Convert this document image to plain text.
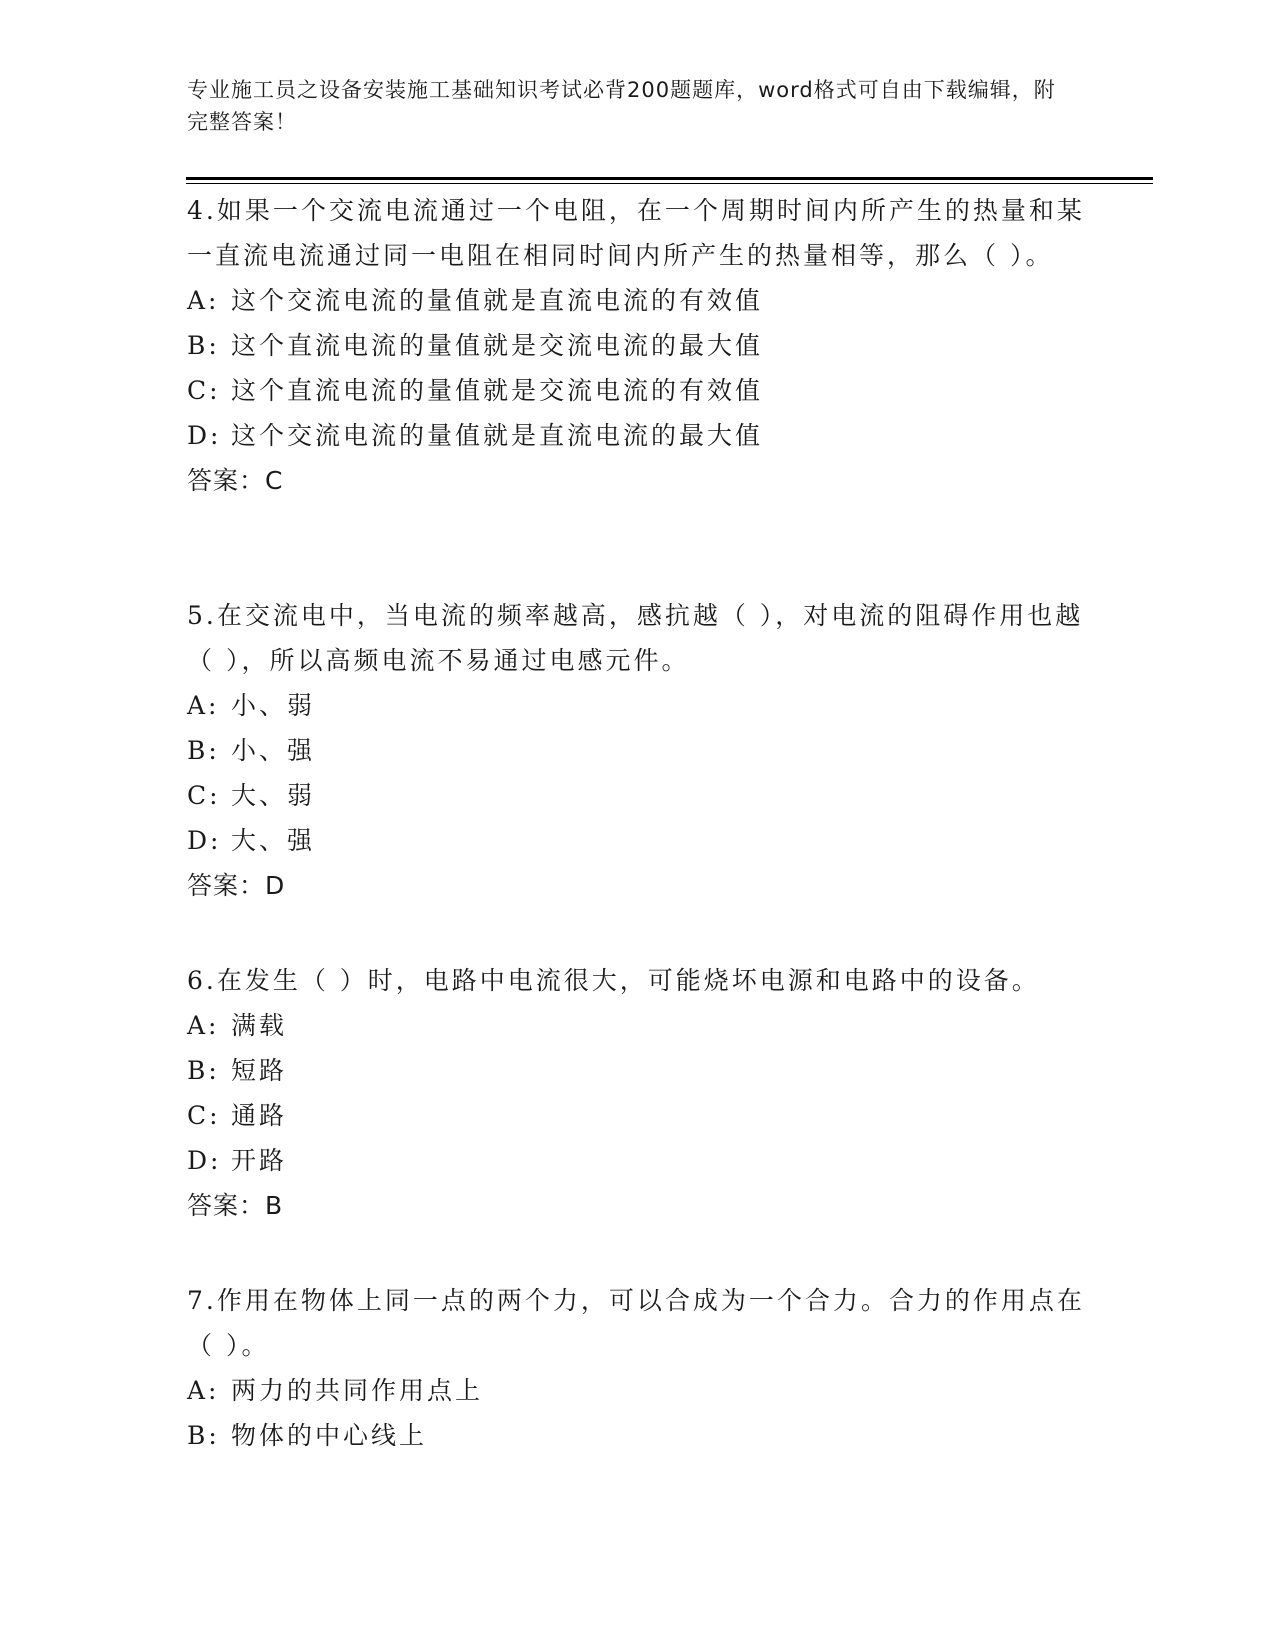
专业施工员之设备安装施工基础知识考试必背200题题库，word格式可自由下载编辑，附完整答案！

4.如果一个交流电流通过一个电阻，在一个周期时间内所产生的热量和某一直流电流通过同一电阻在相同时间内所产生的热量相等，那么（ ）。

A: 这个交流电流的量值就是直流电流的有效值
B: 这个直流电流的量值就是交流电流的最大值
C: 这个直流电流的量值就是交流电流的有效值
D: 这个交流电流的量值就是直流电流的最大值
答案：C

5.在交流电中，当电流的频率越高，感抗越（ ），对电流的阻碍作用也越（ ），所以高频电流不易通过电感元件。

A: 小、弱
B: 小、强
C: 大、弱
D: 大、强
答案：D

6.在发生（ ）时，电路中电流很大，可能烧坏电源和电路中的设备。

A: 满载
B: 短路
C: 通路
D: 开路
答案：B

7.作用在物体上同一点的两个力，可以合成为一个合力。合力的作用点在（ ）。

A: 两力的共同作用点上
B: 物体的中心线上
